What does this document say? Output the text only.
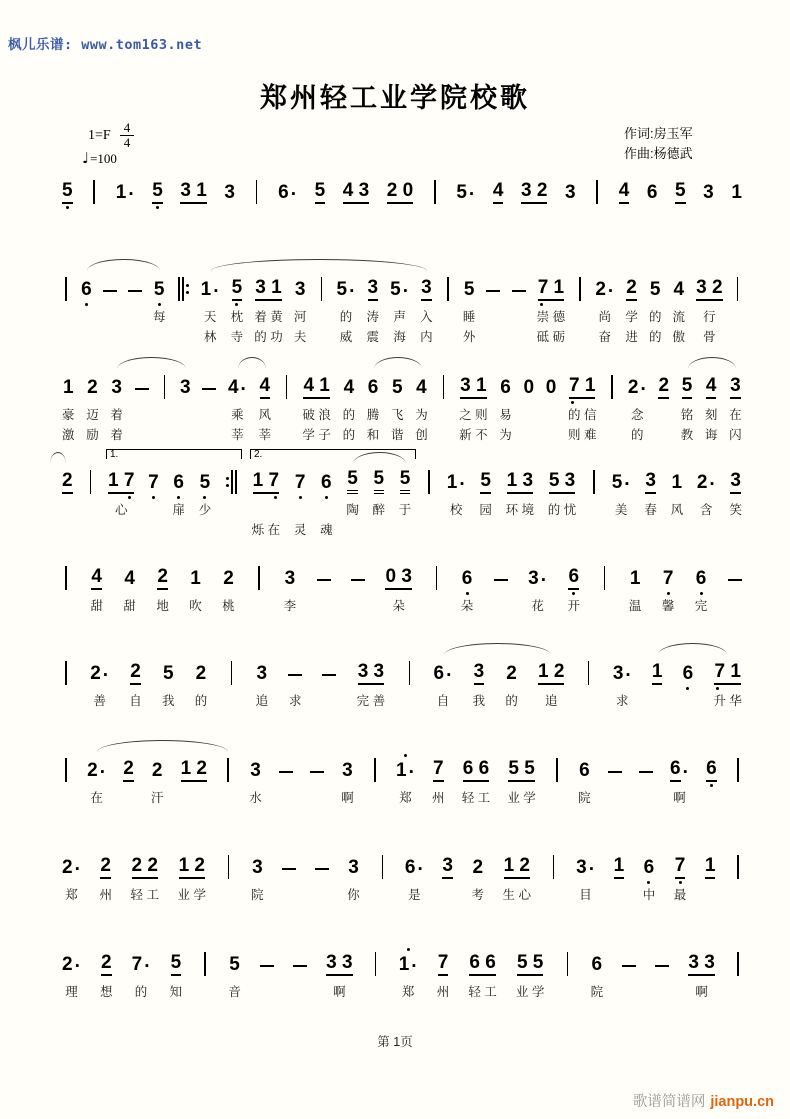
枫儿乐谱: www.tom163.net
郑州轻工业学院校歌
$1=F \frac{4}{4}$
♩=100
作词:房玉军
作曲:杨德武
5 1 · 5 3 1 3 6 · 5 4 3 2 0 5 · 4 3 2 3 4 6 5 3 1
6	5
每
1 ·
天
林
5
枕
寺
3 1
着 黄
的 功
3
河
夫
5 ·
的
威
3
涛
震
5 ·
声
海
3
入
内
5
睡
外
7 1
崇 德
砥 砺
2 ·
尚
奋
2
学
进
5
的
的
4
流
傲
3 2
行
骨
1
豪
激
2
迈
励
3
着
着
3 4 ·
乘
莘
4
风
莘
4 1
破 浪
学 子
4
的
的
6
腾
和
5
飞
谐
4
为
创
3 1
之 则
新 不
6
易
为
0 0 7 1
的 信
则 难
2 ·
念
的
2 5
铭
教
4
刻
诲
3
在
闪
2 1 7
心
7 6
扉
5
少
1 7
烁 在
7
灵
6
魂
5
陶
5
醉
5
于
1 ·
校
5
园
1 3
环 境
5 3
的 忧
5 ·
美
3
春
1
风
2 ·
含
3
笑
1.	2.
4
甜
4
甜
2
地
1
吹
2
桃
3
李
0 3
朵
6
朵
3 ·
花
6
开
1
温
7
馨
6
完
2 ·
善
2
自
5
我
2
的
3
追 求
3 3
完 善
6 ·
自
3
我
2
的
1 2
追
3 ·
求
1 6 7 1
升 华
2 ·
在
2 2
汗
1 2 3
水
3
啊
1 ·
郑
7
州
6 6
轻 工
5 5
业 学
6
院
6 ·
啊
6
2 ·
郑
2
州
2 2
轻 工
1 2
业 学
3
院
3
你
6 ·
是
3 2
考
1 2
生 心
3 ·
目
1 6
中
7
最
1
2 ·
理
2
想
7 ·
的
5
知
5
音
3 3
啊
1 ·
郑
7
州
6 6
轻 工
5 5
业 学
6
院
3 3
啊
第 1页
歌谱简谱网 jianpu.cn
